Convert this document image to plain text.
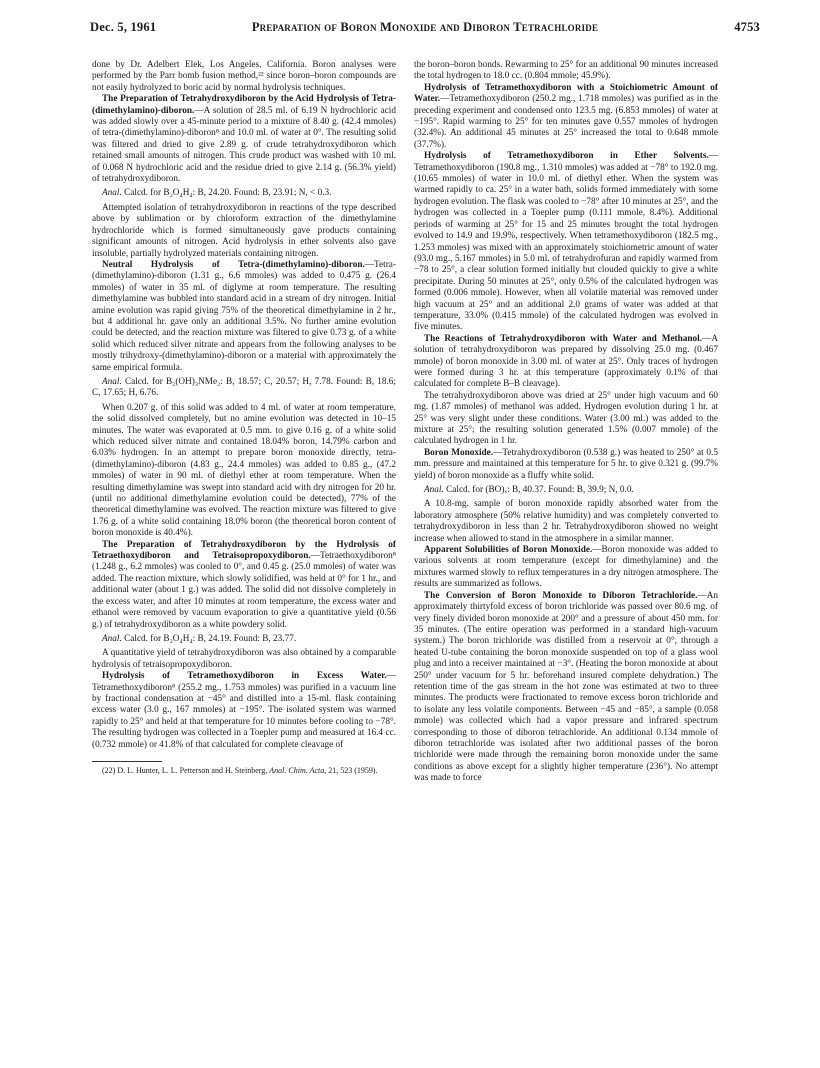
Dec. 5, 1961	Preparation of Boron Monoxide and Diboron Tetrachloride	4753

done by Dr. Adelbert Elek, Los Angeles, California. Boron analyses were performed by the Parr bomb fusion method,²² since boron–boron compounds are not easily hydrolyzed to boric acid by normal hydrolysis techniques.

The Preparation of Tetrahydroxydiboron by the Acid Hydrolysis of Tetra-(dimethylamino)-diboron.—A solution of 28.5 ml. of 6.19 N hydrochloric acid was added slowly over a 45-minute period to a mixture of 8.40 g. (42.4 mmoles) of tetra-(dimethylamino)-diboron⁸ and 10.0 ml. of water at 0°. The resulting solid was filtered and dried to give 2.89 g. of crude tetrahydroxydiboron which retained small amounts of nitrogen. This crude product was washed with 10 ml. of 0.068 N hydrochloric acid and the residue dried to give 2.14 g. (56.3% yield) of tetrahydroxydiboron.

Anal. Calcd. for B₂O₄H₄: B, 24.20. Found: B, 23.91; N, < 0.3.

Attempted isolation of tetrahydroxydiboron in reactions of the type described above by sublimation or by chloroform extraction of the dimethylamine hydrochloride which is formed simultaneously gave products containing significant amounts of nitrogen. Acid hydrolysis in ether solvents also gave insoluble, partially hydrolyzed materials containing nitrogen.

Neutral Hydrolysis of Tetra-(dimethylamino)-diboron.—Tetra-(dimethylamino)-diboron (1.31 g., 6.6 mmoles) was added to 0.475 g. (26.4 mmoles) of water in 35 ml. of diglyme at room temperature. The resulting dimethylamine was bubbled into standard acid in a stream of dry nitrogen. Initial amine evolution was rapid giving 75% of the theoretical dimethylamine in 2 hr., but 4 additional hr. gave only an additional 3.5%. No further amine evolution could be detected, and the reaction mixture was filtered to give 0.73 g. of a white solid which reduced silver nitrate and appears from the following analyses to be mostly trihydroxy-(dimethylamino)-diboron or a material with approximately the same empirical formula.

Anal. Calcd. for B₂(OH)₃NMe₂: B, 18.57; C, 20.57; H, 7.78. Found: B, 18.6; C, 17.65; H, 6.76.

When 0.207 g. of this solid was added to 4 ml. of water at room temperature, the solid dissolved completely, but no amine evolution was detected in 10–15 minutes. The water was evaporated at 0.5 mm. to give 0.16 g. of a white solid which reduced silver nitrate and contained 18.04% boron, 14.79% carbon and 6.03% hydrogen. In an attempt to prepare boron monoxide directly, tetra-(dimethylamino)-diboron (4.83 g., 24.4 mmoles) was added to 0.85 g., (47.2 mmoles) of water in 90 ml. of diethyl ether at room temperature. When the resulting dimethylamine was swept into standard acid with dry nitrogen for 20 hr. (until no additional dimethylamine evolution could be detected), 77% of the theoretical dimethylamine was evolved. The reaction mixture was filtered to give 1.76 g. of a white solid containing 18.0% boron (the theoretical boron content of boron monoxide is 40.4%).

The Preparation of Tetrahydroxydiboron by the Hydrolysis of Tetraethoxydiboron and Tetraisopropoxydiboron.—Tetraethoxydiboron⁸ (1.248 g., 6.2 mmoles) was cooled to 0°, and 0.45 g. (25.0 mmoles) of water was added. The reaction mixture, which slowly solidified, was held at 0° for 1 hr., and additional water (about 1 g.) was added. The solid did not dissolve completely in the excess water, and after 10 minutes at room temperature, the excess water and ethanol were removed by vacuum evaporation to give a quantitative yield (0.56 g.) of tetrahydroxydiboron as a white powdery solid.

Anal. Calcd. for B₂O₄H₄: B, 24.19. Found: B, 23.77.

A quantitative yield of tetrahydroxydiboron was also obtained by a comparable hydrolysis of tetraisopropoxydiboron.

Hydrolysis of Tetramethoxydiboron in Excess Water.—Tetramethoxydiboron⁸ (255.2 mg., 1.753 mmoles) was purified in a vacuum line by fractional condensation at −45° and distilled into a 15-ml. flask containing excess water (3.0 g., 167 mmoles) at −195°. The isolated system was warmed rapidly to 25° and held at that temperature for 10 minutes before cooling to −78°. The resulting hydrogen was collected in a Toepler pump and measured at 16.4 cc. (0.732 mmole) or 41.8% of that calculated for complete cleavage of

(22) D. L. Hunter, L. L. Petterson and H. Steinberg, Anal. Chim. Acta, 21, 523 (1959).

the boron–boron bonds. Rewarming to 25° for an additional 90 minutes increased the total hydrogen to 18.0 cc. (0.804 mmole; 45.9%).

Hydrolysis of Tetramethoxydiboron with a Stoichiometric Amount of Water.—Tetramethoxydiboron (250.2 mg., 1.718 mmoles) was purified as in the preceding experiment and condensed onto 123.5 mg. (6.853 mmoles) of water at −195°. Rapid warming to 25° for ten minutes gave 0.557 mmoles of hydrogen (32.4%). An additional 45 minutes at 25° increased the total to 0.648 mmole (37.7%).

Hydrolysis of Tetramethoxydiboron in Ether Solvents.—Tetramethoxydiboron (190.8 mg., 1.310 mmoles) was added at −78° to 192.0 mg. (10.65 mmoles) of water in 10.0 ml. of diethyl ether. When the system was warmed rapidly to ca. 25° in a water bath, solids formed immediately with some hydrogen evolution. The flask was cooled to −78° after 10 minutes at 25°, and the hydrogen was collected in a Toepler pump (0.111 mmole, 8.4%). Additional periods of warming at 25° for 15 and 25 minutes brought the total hydrogen evolved to 14.9 and 19.9%, respectively. When tetramethoxydiboron (182.5 mg., 1.253 mmoles) was mixed with an approximately stoichiometric amount of water (93.0 mg., 5.167 mmoles) in 5.0 ml. of tetrahydrofuran and rapidly warmed from −78 to 25°, a clear solution formed initially but clouded quickly to give a white precipitate. During 50 minutes at 25°, only 0.5% of the calculated hydrogen was formed (0.006 mmole). However, when all volatile material was removed under high vacuum at 25° and an additional 2.0 grams of water was added at that temperature, 33.0% (0.415 mmole) of the calculated hydrogen was evolved in five minutes.

The Reactions of Tetrahydroxydiboron with Water and Methanol.—A solution of tetrahydroxydiboron was prepared by dissolving 25.0 mg. (0.467 mmole) of boron monoxide in 3.00 ml. of water at 25°. Only traces of hydrogen were formed during 3 hr. at this temperature (approximately 0.1% of that calculated for complete B–B cleavage).

The tetrahydroxydiboron above was dried at 25° under high vacuum and 60 mg. (1.87 mmoles) of methanol was added. Hydrogen evolution during 1 hr. at 25° was very slight under these conditions. Water (3.00 ml.) was added to the mixture at 25°; the resulting solution generated 1.5% (0.007 mmole) of the calculated hydrogen in 1 hr.

Boron Monoxide.—Tetrahydroxydiboron (0.538 g.) was heated to 250° at 0.5 mm. pressure and maintained at this temperature for 5 hr. to give 0.321 g. (99.7% yield) of boron monoxide as a fluffy white solid.

Anal. Calcd. for (BO)ₓ: B, 40.37. Found: B, 39.9; N, 0.0.

A 10.8-mg. sample of boron monoxide rapidly absorbed water from the laboratory atmosphere (50% relative humidity) and was completely converted to tetrahydroxydiboron in less than 2 hr. Tetrahydroxydiboron showed no weight increase when allowed to stand in the atmosphere in a similar manner.

Apparent Solubilities of Boron Monoxide.—Boron monoxide was added to various solvents at room temperature (except for dimethylamine) and the mixtures warmed slowly to reflux temperatures in a dry nitrogen atmosphere. The results are summarized as follows.

The Conversion of Boron Monoxide to Diboron Tetrachloride.—An approximately thirtyfold excess of boron trichloride was passed over 80.6 mg. of very finely divided boron monoxide at 200° and a pressure of about 450 mm. for 35 minutes. (The entire operation was performed in a standard high-vacuum system.) The boron trichloride was distilled from a reservoir at 0°, through a heated U-tube containing the boron monoxide suspended on top of a glass wool plug and into a receiver maintained at −3°. (Heating the boron monoxide at about 250° under vacuum for 5 hr. beforehand insured complete dehydration.) The retention time of the gas stream in the hot zone was estimated at two to three minutes. The products were fractionated to remove excess boron trichloride and to isolate any less volatile components. Between −45 and −85°, a sample (0.058 mmole) was collected which had a vapor pressure and infrared spectrum corresponding to those of diboron tetrachloride. An additional 0.134 mmole of diboron tetrachloride was isolated after two additional passes of the boron trichloride were made through the remaining boron monoxide under the same conditions as above except for a slightly higher temperature (236°). No attempt was made to force
